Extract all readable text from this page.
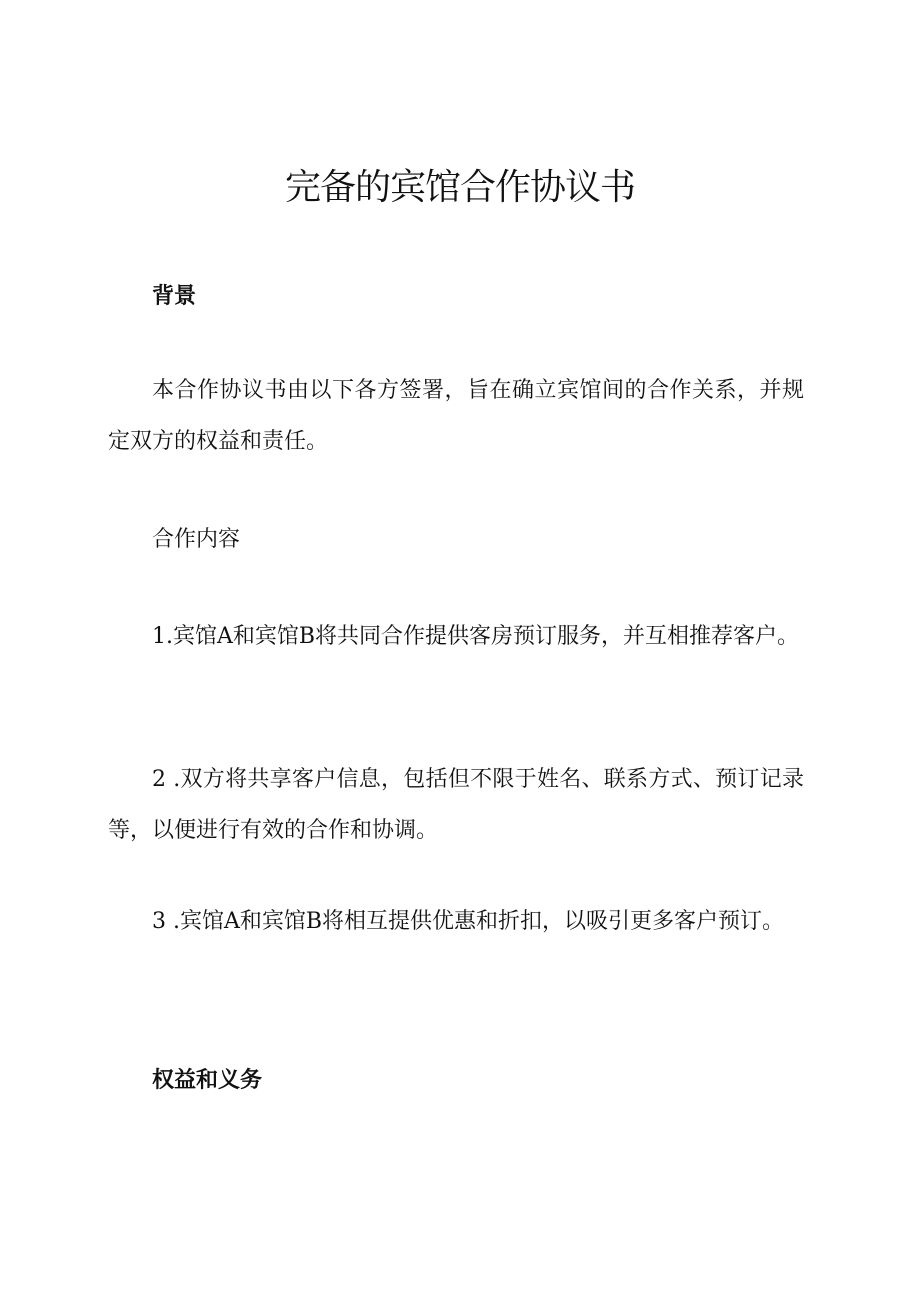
完备的宾馆合作协议书
背景

本合作协议书由以下各方签署，旨在确立宾馆间的合作关系，并规定双方的权益和责任。

合作内容

1.宾馆A和宾馆B将共同合作提供客房预订服务，并互相推荐客户。

2 .双方将共享客户信息，包括但不限于姓名、联系方式、预订记录等，以便进行有效的合作和协调。

3 .宾馆A和宾馆B将相互提供优惠和折扣，以吸引更多客户预订。

权益和义务
